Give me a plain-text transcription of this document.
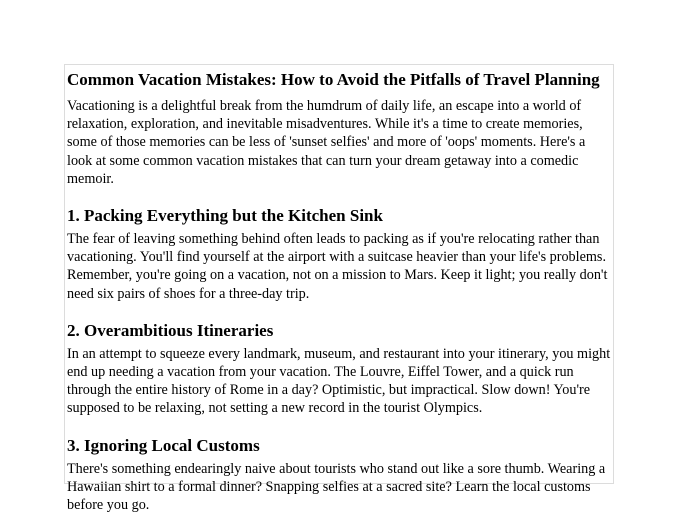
Common Vacation Mistakes: How to Avoid the Pitfalls of Travel Planning

Vacationing is a delightful break from the humdrum of daily life, an escape into a world of relaxation, exploration, and inevitable misadventures. While it's a time to create memories, some of those memories can be less of 'sunset selfies' and more of 'oops' moments. Here's a look at some common vacation mistakes that can turn your dream getaway into a comedic memoir.

1. Packing Everything but the Kitchen Sink

The fear of leaving something behind often leads to packing as if you're relocating rather than vacationing. You'll find yourself at the airport with a suitcase heavier than your life's problems. Remember, you're going on a vacation, not on a mission to Mars. Keep it light; you really don't need six pairs of shoes for a three-day trip.

2. Overambitious Itineraries

In an attempt to squeeze every landmark, museum, and restaurant into your itinerary, you might end up needing a vacation from your vacation. The Louvre, Eiffel Tower, and a quick run through the entire history of Rome in a day? Optimistic, but impractical. Slow down! You're supposed to be relaxing, not setting a new record in the tourist Olympics.

3. Ignoring Local Customs

There's something endearingly naive about tourists who stand out like a sore thumb. Wearing a Hawaiian shirt to a formal dinner? Snapping selfies at a sacred site? Learn the local customs before you go.
